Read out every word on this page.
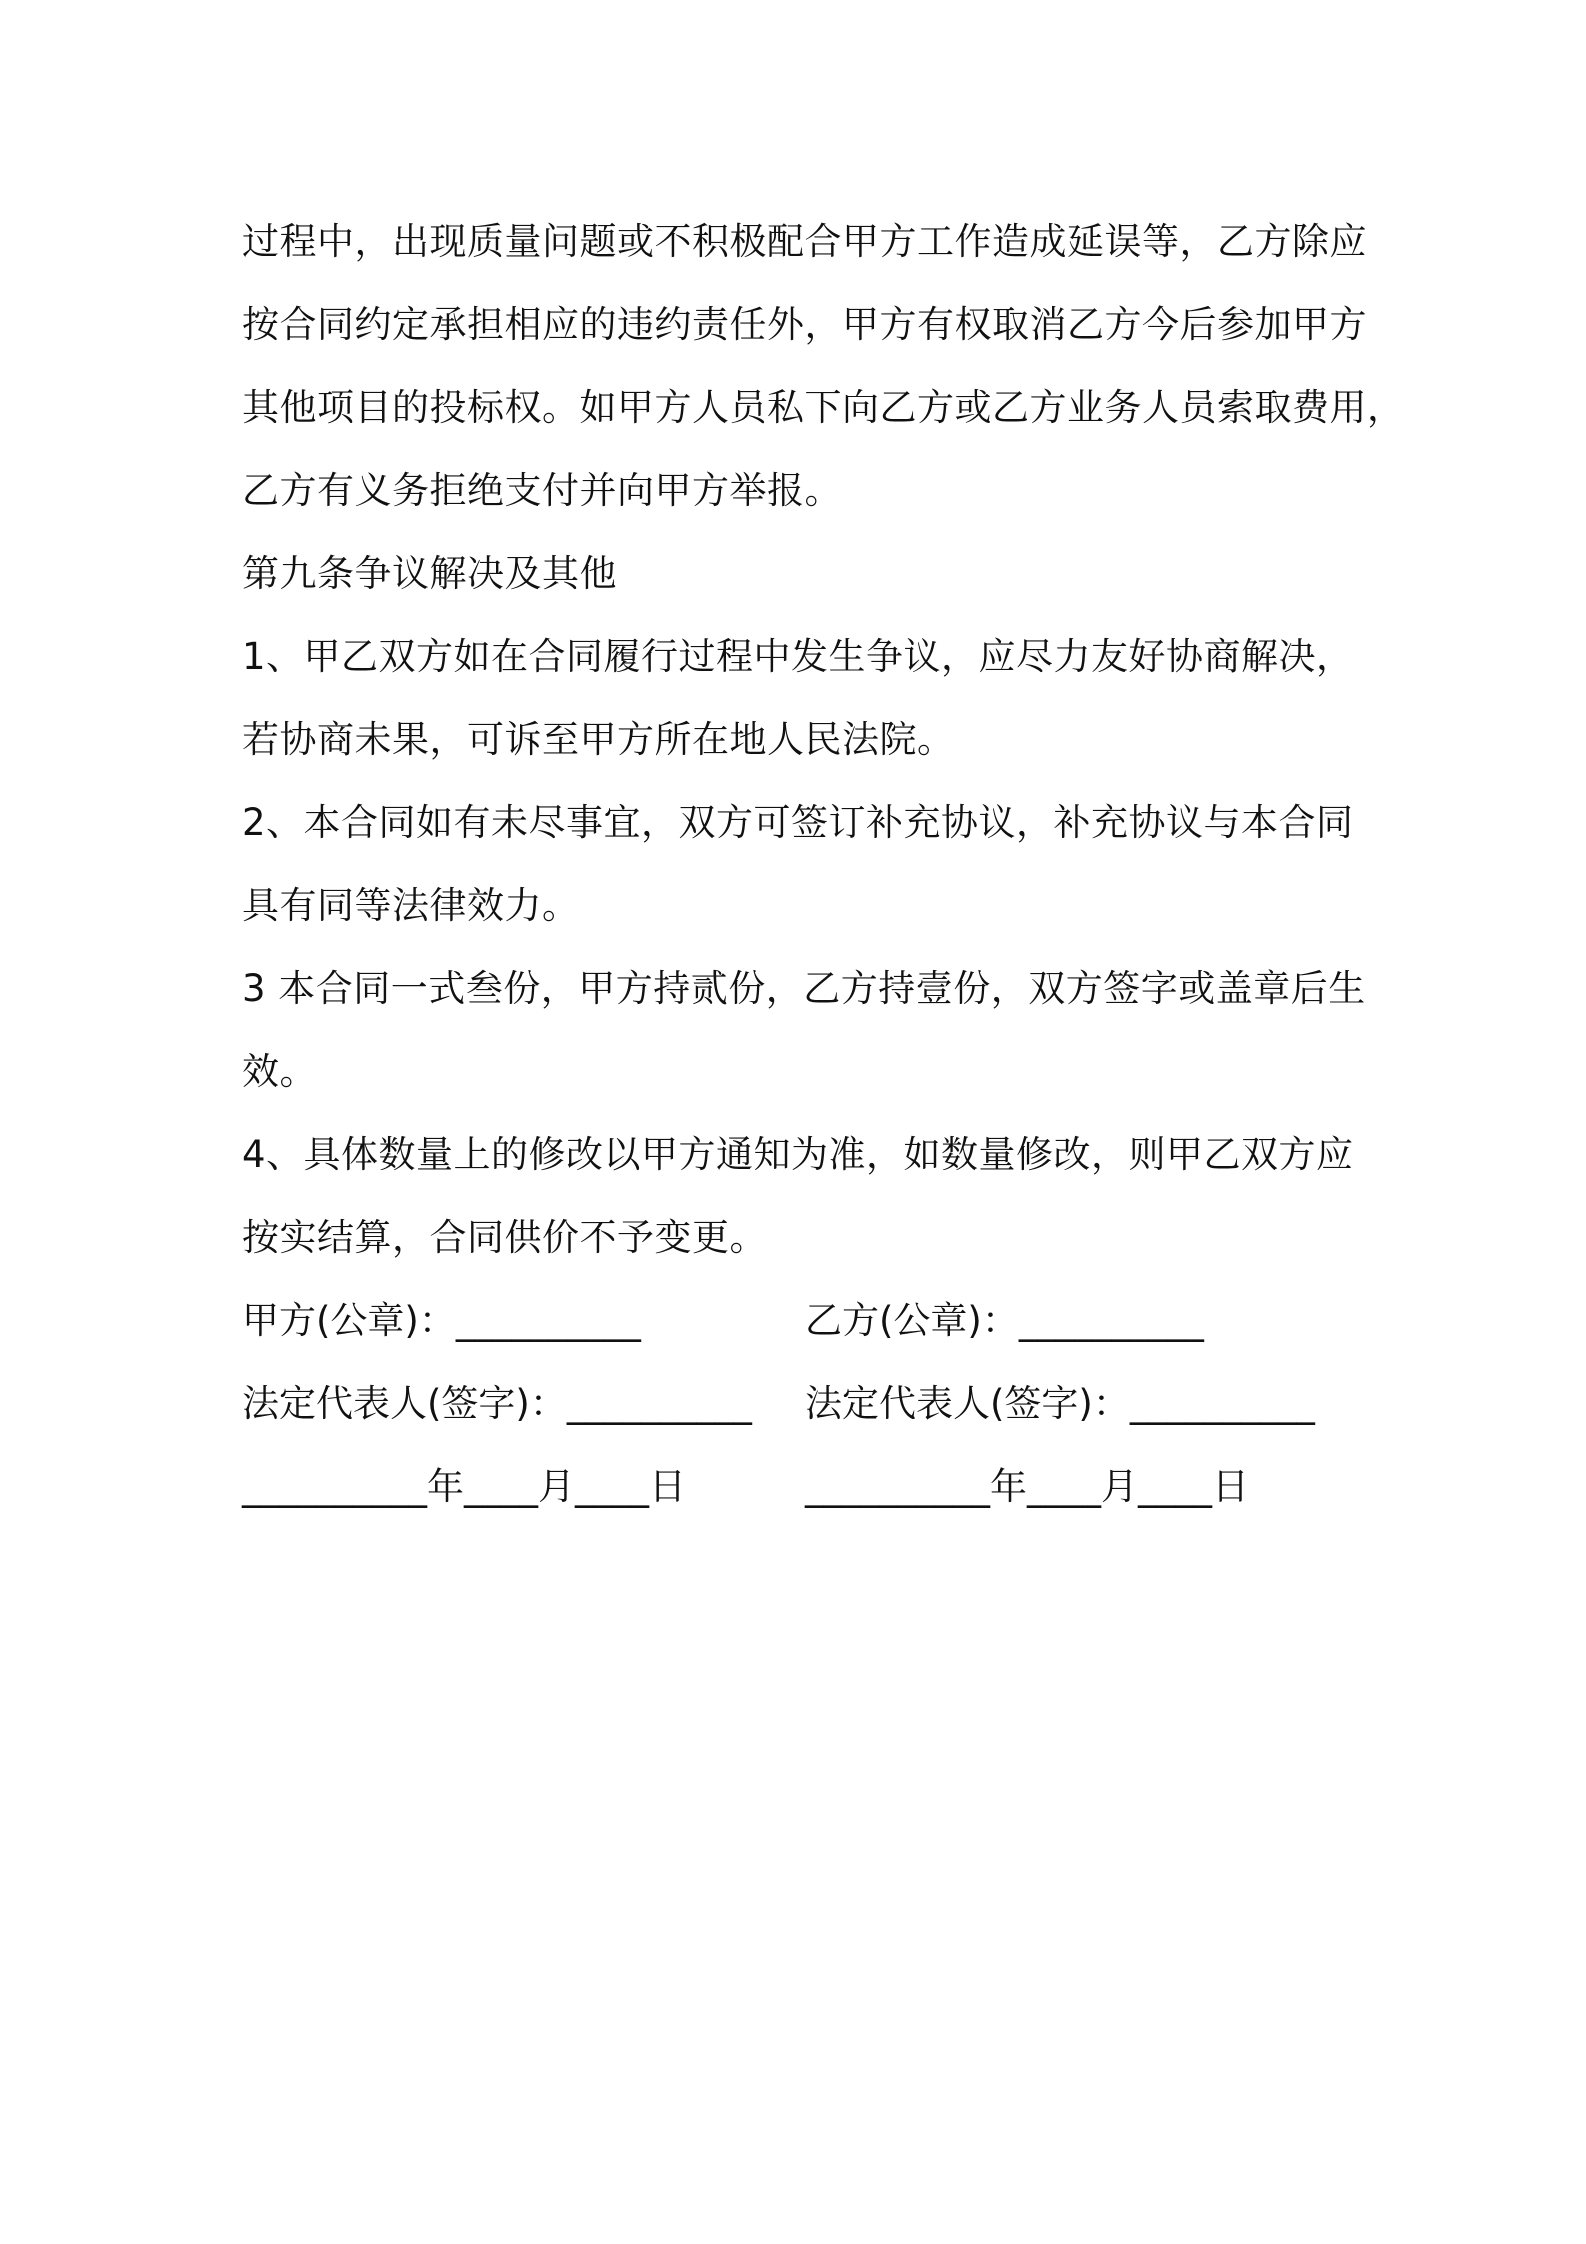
过程中，出现质量问题或不积极配合甲方工作造成延误等，乙方除应
按合同约定承担相应的违约责任外，甲方有权取消乙方今后参加甲方
其他项目的投标权。如甲方人员私下向乙方或乙方业务人员索取费用，
乙方有义务拒绝支付并向甲方举报。
第九条争议解决及其他
1、甲乙双方如在合同履行过程中发生争议，应尽力友好协商解决，
若协商未果，可诉至甲方所在地人民法院。
2、本合同如有未尽事宜，双方可签订补充协议，补充协议与本合同
具有同等法律效力。
3 本合同一式叁份，甲方持贰份，乙方持壹份，双方签字或盖章后生
效。
4、具体数量上的修改以甲方通知为准，如数量修改，则甲乙双方应
按实结算，合同供价不予变更。
甲方(公章)：__________	乙方(公章)：__________
法定代表人(签字)：__________ 法定代表人(签字)：__________
__________年____月____日	__________年____月____日
